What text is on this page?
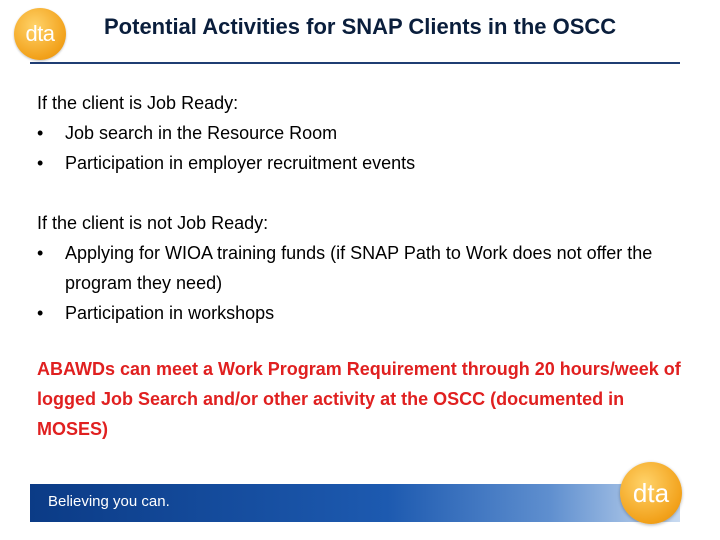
dta Potential Activities for SNAP Clients in the OSCC

If the client is Job Ready:

• Job search in the Resource Room
• Participation in employer recruitment events

If the client is not Job Ready:

• Applying for WIOA training funds (if SNAP Path to Work does not offer the program they need)
• Participation in workshops

ABAWDs can meet a Work Program Requirement through 20 hours/week of logged Job Search and/or other activity at the OSCC (documented in MOSES)

Believing you can.	dta
